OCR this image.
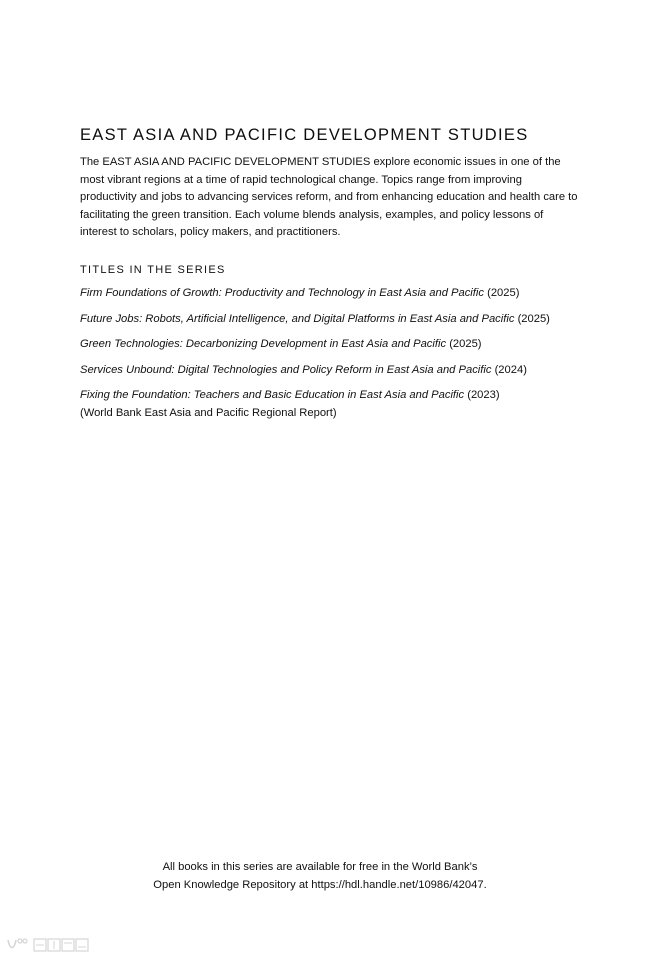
EAST ASIA AND PACIFIC DEVELOPMENT STUDIES

The EAST ASIA AND PACIFIC DEVELOPMENT STUDIES explore economic issues in one of the most vibrant regions at a time of rapid technological change. Topics range from improving productivity and jobs to advancing services reform, and from enhancing education and health care to facilitating the green transition. Each volume blends analysis, examples, and policy lessons of interest to scholars, policy makers, and practitioners.

TITLES IN THE SERIES
Firm Foundations of Growth: Productivity and Technology in East Asia and Pacific (2025)
Future Jobs: Robots, Artificial Intelligence, and Digital Platforms in East Asia and Pacific (2025)
Green Technologies: Decarbonizing Development in East Asia and Pacific (2025)
Services Unbound: Digital Technologies and Policy Reform in East Asia and Pacific (2024)
Fixing the Foundation: Teachers and Basic Education in East Asia and Pacific (2023)
(World Bank East Asia and Pacific Regional Report)
All books in this series are available for free in the World Bank’s
Open Knowledge Repository at https://hdl.handle.net/10986/42047.
